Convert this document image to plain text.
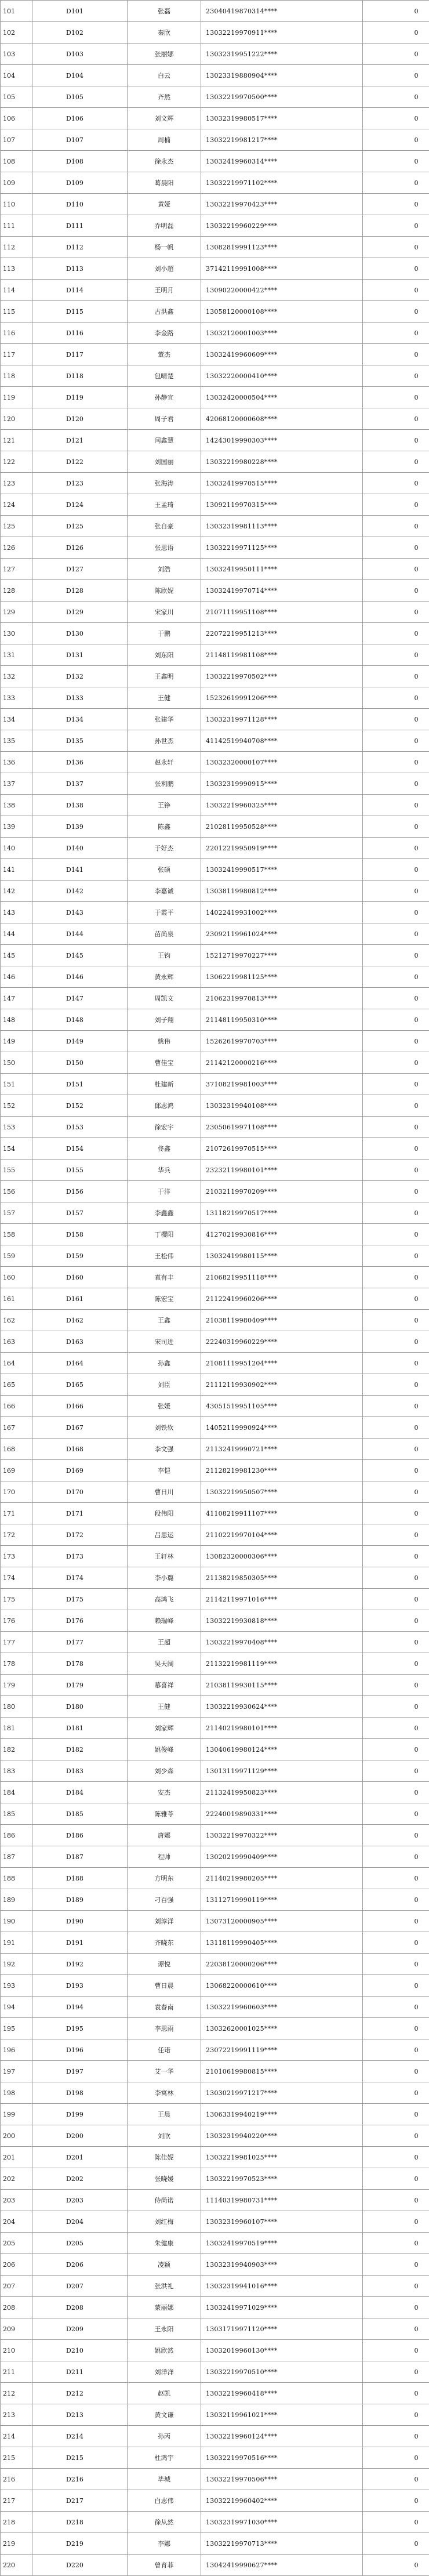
101	D101	张磊	23040419870314****	0
102	D102	秦欣	13032219970911****	0
103	D103	张丽娜	13032319951222****	0
104	D104	白云	13023319880904****	0
105	D105	齐然	13032219970500****	0
106	D106	刘文辉	13032319980517****	0
107	D107	周楠	13032219981217****	0
108	D108	徐永杰	13032419960314****	0
109	D109	葛晨阳	13032219971102****	0
110	D110	黄娅	13032219970423****	0
111	D111	乔明磊	13032219960229****	0
112	D112	杨一帆	13082819991123****	0
113	D113	刘小超	37142119991008****	0
114	D114	王明月	13090220000422****	0
115	D115	古洪鑫	13058120000108****	0
116	D116	李金路	13032120001003****	0
117	D117	董杰	13032419960609****	0
118	D118	包晴楚	13032220000410****	0
119	D119	孙静宜	13032420000504****	0
120	D120	周子君	42068120000608****	0
121	D121	闫鑫慧	14243019990303****	0
122	D122	刘国丽	13032219980228****	0
123	D123	张海涛	13032419970515****	0
124	D124	王孟琦	13092119970315****	0
125	D125	张自豪	13032319981113****	0
126	D126	张思语	13032219971125****	0
127	D127	刘浩	13032419950111****	0
128	D128	陈欣妮	13032419970714****	0
129	D129	宋家川	21071119951108****	0
130	D130	于鹏	22072219951213****	0
131	D131	刘东阳	21148119981108****	0
132	D132	王鑫明	13032219970502****	0
133	D133	王健	15232619991206****	0
134	D134	张建华	13032319971128****	0
135	D135	孙世杰	41142519940708****	0
136	D136	赵永轩	13032320000107****	0
137	D137	张利鹏	13032319990915****	0
138	D138	王铮	13032219960325****	0
139	D139	陈鑫	21028119950528****	0
140	D140	于好杰	22012219950919****	0
141	D141	张硕	13032419990517****	0
142	D142	李嘉诚	13038119980812****	0
143	D143	于霞平	14022419931002****	0
144	D144	苗尚泉	23092119961024****	0
145	D145	王钧	15212719970227****	0
146	D146	黄永辉	13062219981125****	0
147	D147	周凯文	21062319970813****	0
148	D148	刘子翔	21148119950310****	0
149	D149	姚伟	15262619970703****	0
150	D150	曹佳宝	21142120000216****	0
151	D151	杜建新	37108219981003****	0
152	D152	邱志鸿	13032319940108****	0
153	D153	徐宏宇	23050619971108****	0
154	D154	佟鑫	21072619970515****	0
155	D155	华兵	23232119980101****	0
156	D156	于洋	21032119970209****	0
157	D157	李鑫鑫	13118219970517****	0
158	D158	丁樱阳	41270219930816****	0
159	D159	王松伟	13032419980115****	0
160	D160	袁有丰	21068219951118****	0
161	D161	陈宏宝	21122419960206****	0
162	D162	王鑫	21038119980409****	0
163	D163	宋司进	22240319960229****	0
164	D164	孙鑫	21081119951204****	0
165	D165	刘臣	21112119930902****	0
166	D166	张媛	43051519951105****	0
167	D167	刘铁软	14052119990924****	0
168	D168	李文强	21132419990721****	0
169	D169	李恺	21128219981230****	0
170	D170	曹日川	13032219950507****	0
171	D171	段伟阳	41108219911107****	0
172	D172	吕思运	21102219970104****	0
173	D173	王轩林	13082320000306****	0
174	D174	李小璐	21138219850305****	0
175	D175	高鸿飞	21142119971016****	0
176	D176	赖瑞峰	13032219930818****	0
177	D177	王超	13032219970408****	0
178	D178	吴天阔	21132219981119****	0
179	D179	慕喜祥	21038119930115****	0
180	D180	王健	13032219930624****	0
181	D181	刘家辉	21140219980101****	0
182	D182	姚俊峰	13040619980124****	0
183	D183	刘少森	13013119971129****	0
184	D184	安杰	21132419950823****	0
185	D185	陈雅苓	22240019890331****	0
186	D186	唐娜	13032219970322****	0
187	D187	程帅	13020219990409****	0
188	D188	方明东	21140219980205****	0
189	D189	刁百强	13112719990119****	0
190	D190	刘淳洋	13073120000905****	0
191	D191	齐晓东	13118119990405****	0
192	D192	谭悦	22038120000206****	0
193	D193	曹日晨	13068220000610****	0
194	D194	袁春南	13032219960603****	0
195	D195	李思雨	13032620001025****	0
196	D196	任诺	23072219991119****	0
197	D197	艾一华	21010619980815****	0
198	D198	李寓林	13030219971217****	0
199	D199	王晨	13063319940219****	0
200	D200	刘欣	13032319940220****	0
201	D201	陈佳妮	13032219981025****	0
202	D202	张晓媛	13032219970523****	0
203	D203	侍尚诺	11140319980731****	0
204	D204	刘红梅	13032319960107****	0
205	D205	朱健康	13032419970519****	0
206	D206	凌颖	13032319940903****	0
207	D207	张洪礼	13032319941016****	0
208	D208	蒙丽娜	13032419971029****	0
209	D209	王永阳	13031719971120****	0
210	D210	姚欣然	13032019960130****	0
211	D211	刘洋洋	13032219970510****	0
212	D212	赵凯	13032219960418****	0
213	D213	黄文谦	13032119961021****	0
214	D214	孙丙	13032219960124****	0
215	D215	杜鸿宇	13032219970516****	0
216	D216	毕城	13032219970506****	0
217	D217	白志伟	13032219960402****	0
218	D218	徐从然	13032319971030****	0
219	D219	李娜	13032219970713****	0
220	D220	曾育菲	13042419990627****	0
